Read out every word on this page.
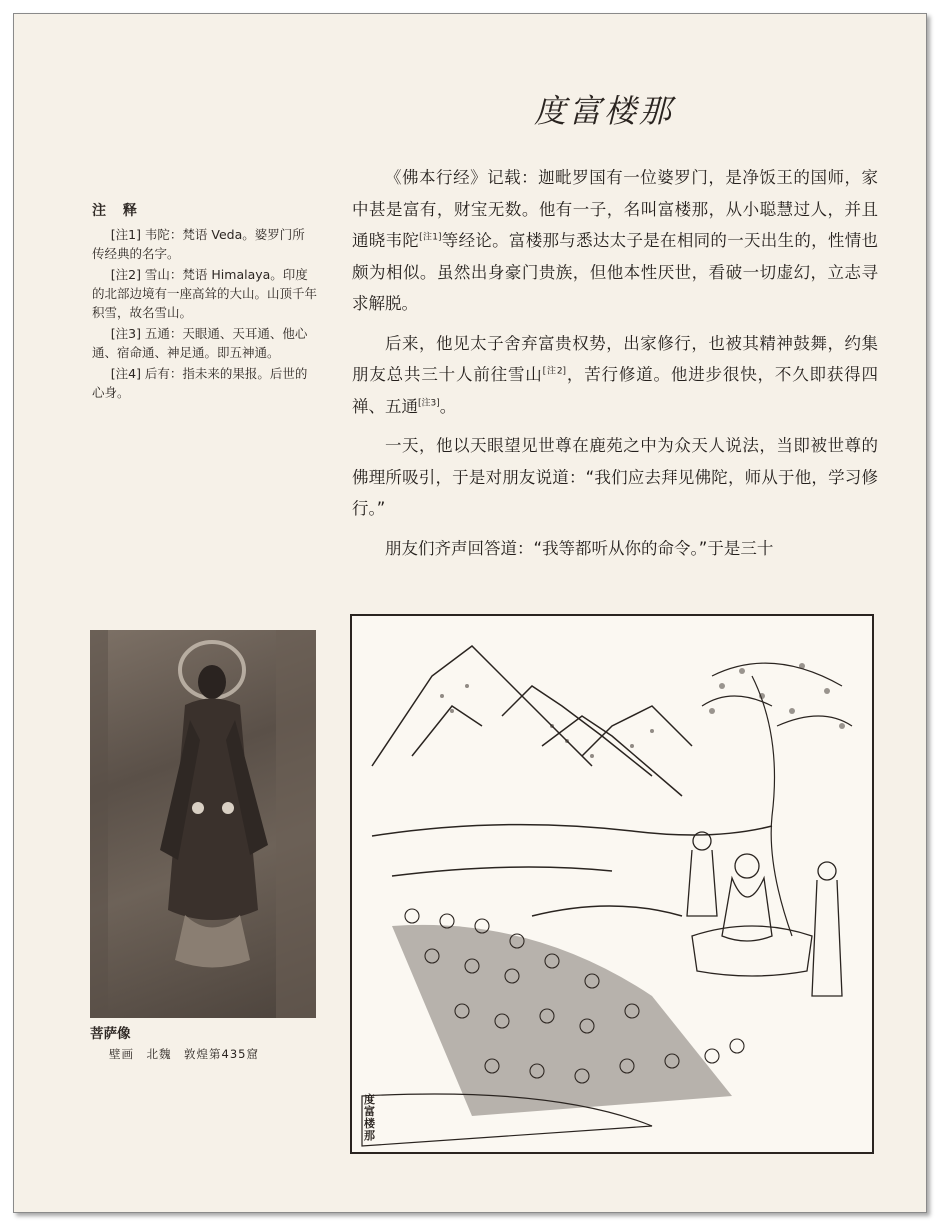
度富楼那
注 释

[注1] 韦陀：梵语 Veda。婆罗门所传经典的名字。

[注2] 雪山：梵语 Himalaya。印度的北部边境有一座高耸的大山。山顶千年积雪，故名雪山。

[注3] 五通：天眼通、天耳通、他心通、宿命通、神足通。即五神通。

[注4] 后有：指未来的果报。后世的心身。

《佛本行经》记载：迦毗罗国有一位婆罗门，是净饭王的国师，家中甚是富有，财宝无数。他有一子，名叫富楼那，从小聪慧过人，并且通晓韦陀[注1]等经论。富楼那与悉达太子是在相同的一天出生的，性情也颇为相似。虽然出身豪门贵族，但他本性厌世，看破一切虚幻，立志寻求解脱。

后来，他见太子舍弃富贵权势，出家修行，也被其精神鼓舞，约集朋友总共三十人前往雪山[注2]，苦行修道。他进步很快，不久即获得四禅、五通[注3]。

一天，他以天眼望见世尊在鹿苑之中为众天人说法，当即被世尊的佛理所吸引，于是对朋友说道：“我们应去拜见佛陀，师从于他，学习修行。”

朋友们齐声回答道：“我等都听从你的命令。”于是三十

菩萨像
壁画　北魏　敦煌第435窟
度富楼那
